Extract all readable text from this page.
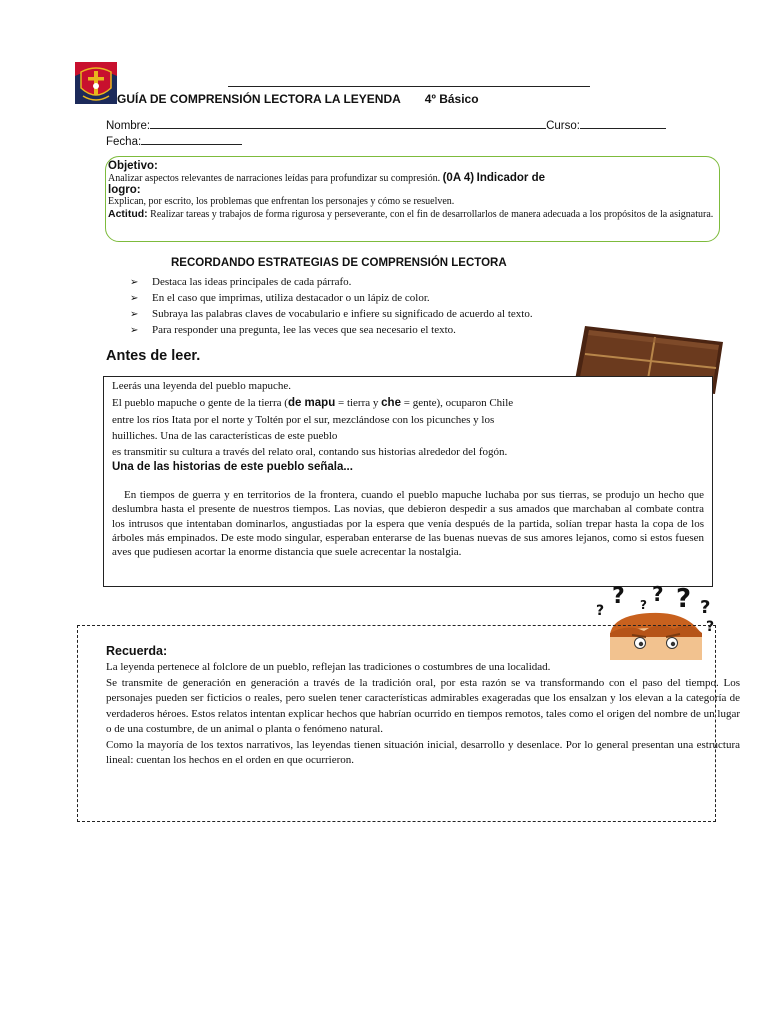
GUÍA DE COMPRENSIÓN LECTORA LA LEYENDA 4º Básico
Nombre:	Curso:
Fecha:
Objetivo:
Analizar aspectos relevantes de narraciones leídas para profundizar su compresión. (0A 4) Indicador de
logro:
Explican, por escrito, los problemas que enfrentan los personajes y cómo se resuelven.
Actitud: Realizar tareas y trabajos de forma rigurosa y perseverante, con el fin de desarrollarlos de manera adecuada a los propósitos de la asignatura.
RECORDANDO ESTRATEGIAS DE COMPRENSIÓN LECTORA
➢ Destaca las ideas principales de cada párrafo.
➢ En el caso que imprimas, utiliza destacador o un lápiz de color.
➢ Subraya las palabras claves de vocabulario e infiere su significado de acuerdo al texto.
➢ Para responder una pregunta, lee las veces que sea necesario el texto.
Antes de leer.
Leerás una leyenda del pueblo mapuche.
El pueblo mapuche o gente de la tierra (de mapu = tierra y che = gente), ocuparon Chile
entre los ríos Itata por el norte y Toltén por el sur, mezclándose con los picunches y los
huilliches. Una de las características de este pueblo
es transmitir su cultura a través del relato oral, contando sus historias alrededor del fogón.
Una de las historias de este pueblo señala...
En tiempos de guerra y en territorios de la frontera, cuando el pueblo mapuche luchaba por sus tierras, se produjo un hecho que deslumbra hasta el presente de nuestros tiempos. Las novias, que debieron despedir a sus amados que marchaban al combate contra los intrusos que intentaban dominarlos, angustiadas por la espera que venía después de la partida, solían trepar hasta la copa de los árboles más empinados. De este modo singular, esperaban enterarse de las buenas nuevas de sus amores lejanos, como si estos fuesen aves que pudiesen acortar la enorme distancia que suele acrecentar la nostalgia.
?
? ? ? ? ?
?
Recuerda:

La leyenda pertenece al folclore de un pueblo, reflejan las tradiciones o costumbres de una localidad.

Se transmite de generación en generación a través de la tradición oral, por esta razón se va transformando con el paso del tiempo. Los personajes pueden ser ficticios o reales, pero suelen tener características admirables exageradas que los ensalzan y los elevan a la categoría de verdaderos héroes. Estos relatos intentan explicar hechos que habrían ocurrido en tiempos remotos, tales como el origen del nombre de un lugar o de una costumbre, de un animal o planta o fenómeno natural.

Como la mayoría de los textos narrativos, las leyendas tienen situación inicial, desarrollo y desenlace. Por lo general presentan una estructura lineal: cuentan los hechos en el orden en que ocurrieron.
